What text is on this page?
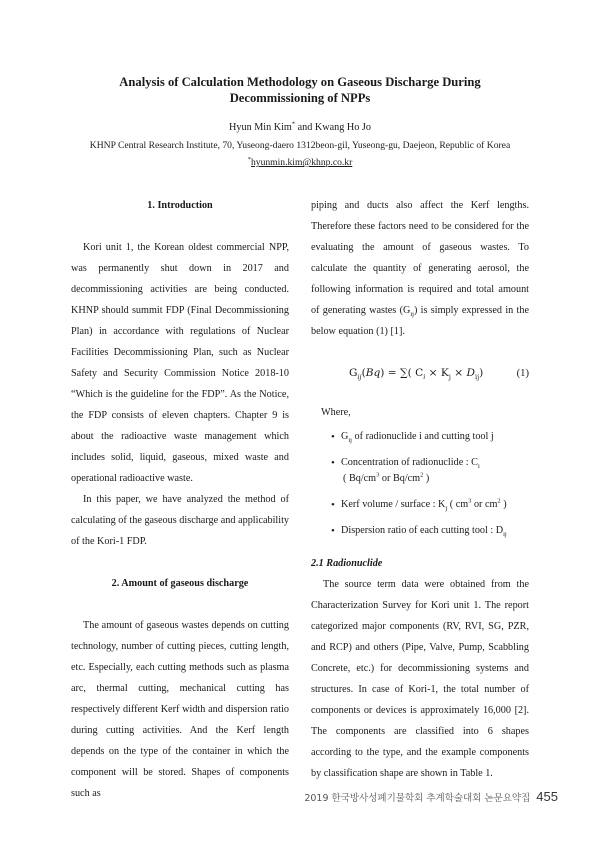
Analysis of Calculation Methodology on Gaseous Discharge During
Decommissioning of NPPs
Hyun Min Kim* and Kwang Ho Jo
KHNP Central Research Institute, 70, Yuseong-daero 1312beon-gil, Yuseong-gu, Daejeon, Republic of Korea
*hyunmin.kim@khnp.co.kr
1. Introduction

Kori unit 1, the Korean oldest commercial NPP, was permanently shut down in 2017 and decommissioning activities are being conducted. KHNP should summit FDP (Final Decommissioning Plan) in accordance with regulations of Nuclear Facilities Decommissioning Plan, such as Nuclear Safety and Security Commission Notice 2018-10 “Which is the guideline for the FDP”. As the Notice, the FDP consists of eleven chapters. Chapter 9 is about the radioactive waste management which includes solid, liquid, gaseous, mixed waste and operational radioactive waste.

In this paper, we have analyzed the method of calculating of the gaseous discharge and applicability of the Kori-1 FDP.

2. Amount of gaseous discharge

The amount of gaseous wastes depends on cutting technology, number of cutting pieces, cutting length, etc. Especially, each cutting methods such as plasma arc, thermal cutting, mechanical cutting has respectively different Kerf width and dispersion ratio during cutting activities. And the Kerf length depends on the type of the container in which the component will be stored. Shapes of components such as

piping and ducts also affect the Kerf lengths. Therefore these factors need to be considered for the evaluating the amount of gaseous wastes. To calculate the quantity of generating aerosol, the following information is required and total amount of generating wastes $(G_{ij})$ is simply expressed in the below equation (1) [1].

$G_{ij}(Bq)$ = ∑( $C_i \times K_j \times D_{ij}$)	(1)
Where,
• $G_{ij}$ of radionuclide i and cutting tool j
• Concentration of radionuclide : $C_i$
( $Bq/cm^3$ or $Bq/cm^2$ )
• Kerf volume / surface : $K_j$ ( $cm^3$ or $cm^2$ )
• Dispersion ratio of each cutting tool : $D_{ij}$
2.1 Radionuclide

The source term data were obtained from the Characterization Survey for Kori unit 1. The report categorized major components (RV, RVI, SG, PZR, and RCP) and others (Pipe, Valve, Pump, Scabbling Concrete, etc.) for decommissioning systems and structures. In case of Kori-1, the total number of components or devices is approximately 16,000 [2]. The components are classified into 6 shapes according to the type, and the example components by classification shape are shown in Table 1.

2019 한국방사성폐기물학회 추계학술대회 논문요약집 455
